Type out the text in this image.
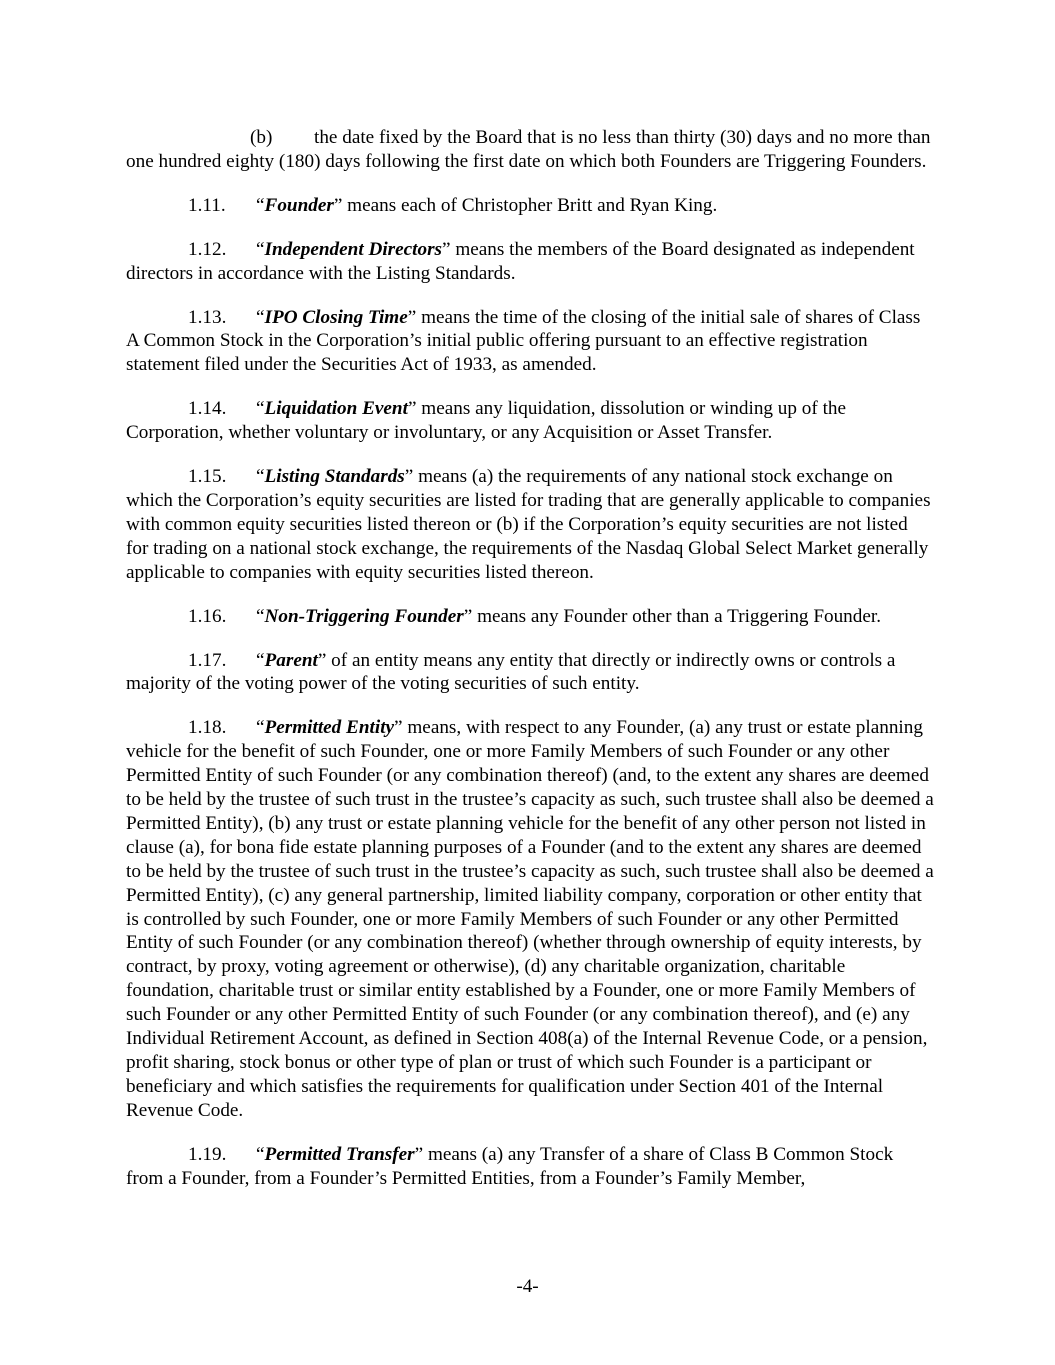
(b) the date fixed by the Board that is no less than thirty (30) days and no more than one hundred eighty (180) days following the first date on which both Founders are Triggering Founders.

1.11. “Founder” means each of Christopher Britt and Ryan King.

1.12. “Independent Directors” means the members of the Board designated as independent directors in accordance with the Listing Standards.

1.13. “IPO Closing Time” means the time of the closing of the initial sale of shares of Class A Common Stock in the Corporation’s initial public offering pursuant to an effective registration statement filed under the Securities Act of 1933, as amended.

1.14. “Liquidation Event” means any liquidation, dissolution or winding up of the Corporation, whether voluntary or involuntary, or any Acquisition or Asset Transfer.

1.15. “Listing Standards” means (a) the requirements of any national stock exchange on which the Corporation’s equity securities are listed for trading that are generally applicable to companies with common equity securities listed thereon or (b) if the Corporation’s equity securities are not listed for trading on a national stock exchange, the requirements of the Nasdaq Global Select Market generally applicable to companies with equity securities listed thereon.

1.16. “Non-Triggering Founder” means any Founder other than a Triggering Founder.

1.17. “Parent” of an entity means any entity that directly or indirectly owns or controls a majority of the voting power of the voting securities of such entity.

1.18. “Permitted Entity” means, with respect to any Founder, (a) any trust or estate planning vehicle for the benefit of such Founder, one or more Family Members of such Founder or any other Permitted Entity of such Founder (or any combination thereof) (and, to the extent any shares are deemed to be held by the trustee of such trust in the trustee’s capacity as such, such trustee shall also be deemed a Permitted Entity), (b) any trust or estate planning vehicle for the benefit of any other person not listed in clause (a), for bona fide estate planning purposes of a Founder (and to the extent any shares are deemed to be held by the trustee of such trust in the trustee’s capacity as such, such trustee shall also be deemed a Permitted Entity), (c) any general partnership, limited liability company, corporation or other entity that is controlled by such Founder, one or more Family Members of such Founder or any other Permitted Entity of such Founder (or any combination thereof) (whether through ownership of equity interests, by contract, by proxy, voting agreement or otherwise), (d) any charitable organization, charitable foundation, charitable trust or similar entity established by a Founder, one or more Family Members of such Founder or any other Permitted Entity of such Founder (or any combination thereof), and (e) any Individual Retirement Account, as defined in Section 408(a) of the Internal Revenue Code, or a pension, profit sharing, stock bonus or other type of plan or trust of which such Founder is a participant or beneficiary and which satisfies the requirements for qualification under Section 401 of the Internal Revenue Code.

1.19. “Permitted Transfer” means (a) any Transfer of a share of Class B Common Stock from a Founder, from a Founder’s Permitted Entities, from a Founder’s Family Member,

-4-
